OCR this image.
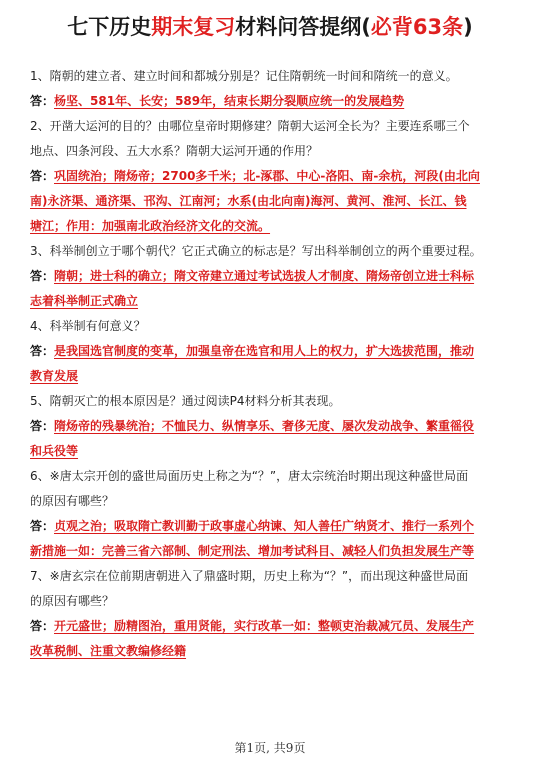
七下历史期末复习材料问答提纲(必背63条)
1、隋朝的建立者、建立时间和都城分别是？记住隋朝统一时间和隋统一的意义。
答：杨坚、581年、长安；589年，结束长期分裂顺应统一的发展趋势
2、开凿大运河的目的？由哪位皇帝时期修建？隋朝大运河全长为？主要连系哪三个
地点、四条河段、五大水系？隋朝大运河开通的作用？
答：巩固统治；隋炀帝；2700多千米；北-涿郡、中心-洛阳、南-余杭，河段(由北向
南)永济渠、通济渠、邗沟、江南河；水系(由北向南)海河、黄河、淮河、长江、钱
塘江；作用：加强南北政治经济文化的交流。
3、科举制创立于哪个朝代？它正式确立的标志是？写出科举制创立的两个重要过程。
答：隋朝；进士科的确立；隋文帝建立通过考试选拔人才制度、隋炀帝创立进士科标
志着科举制正式确立
4、科举制有何意义？
答：是我国选官制度的变革，加强皇帝在选官和用人上的权力，扩大选拔范围，推动
教育发展
5、隋朝灭亡的根本原因是？通过阅读P4材料分析其表现。
答：隋炀帝的残暴统治；不恤民力、纵情享乐、奢侈无度、屡次发动战争、繁重徭役
和兵役等
6、※唐太宗开创的盛世局面历史上称之为“？”，唐太宗统治时期出现这种盛世局面
的原因有哪些？
答：贞观之治；吸取隋亡教训勤于政事虚心纳谏、知人善任广纳贤才、推行一系列个
新措施一如：完善三省六部制、制定刑法、增加考试科目、减轻人们负担发展生产等
7、※唐玄宗在位前期唐朝进入了鼎盛时期，历史上称为“？”，而出现这种盛世局面
的原因有哪些？
答：开元盛世；励精图治，重用贤能，实行改革一如：整顿吏治裁减冗员、发展生产
改革税制、注重文教编修经籍
第1页, 共9页
